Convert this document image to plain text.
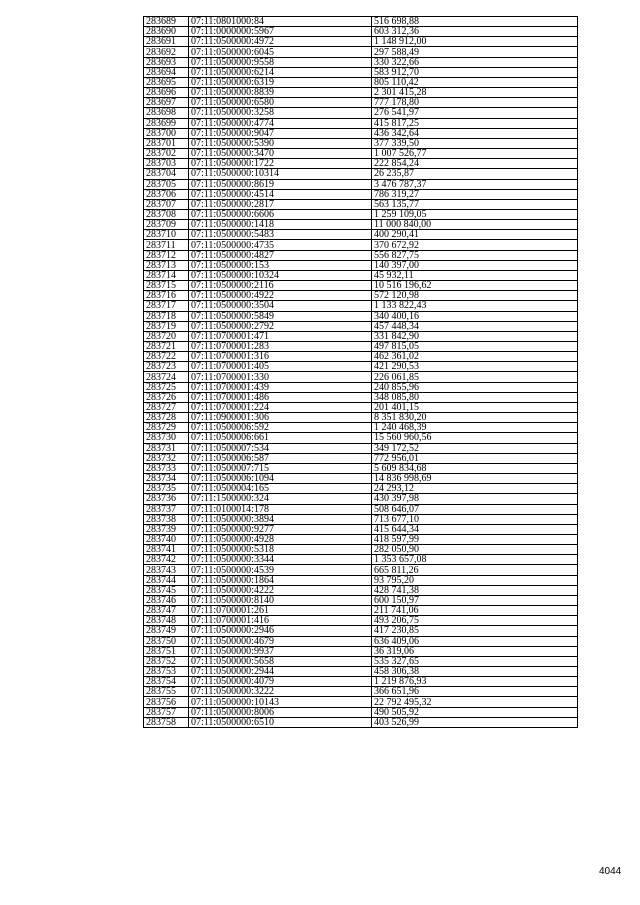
283689	07:11:0801000:84	516 698,88
283690	07:11:0000000:5967	603 312,36
283691	07:11:0500000:4972	1 148 912,00
283692	07:11:0500000:6045	297 588,49
283693	07:11:0500000:9558	330 322,66
283694	07:11:0500000:6214	583 912,70
283695	07:11:0500000:6319	805 110,42
283696	07:11:0500000:8839	2 301 415,28
283697	07:11:0500000:6580	777 178,80
283698	07:11:0500000:3258	276 541,97
283699	07:11:0500000:4774	415 817,25
283700	07:11:0500000:9047	436 342,64
283701	07:11:0500000:5390	377 339,50
283702	07:11:0500000:3470	1 007 526,77
283703	07:11:0500000:1722	222 854,24
283704	07:11:0500000:10314	26 235,87
283705	07:11:0500000:8619	3 476 787,37
283706	07:11:0500000:4514	786 319,27
283707	07:11:0500000:2817	563 135,77
283708	07:11:0500000:6606	1 259 109,05
283709	07:11:0500000:1418	11 000 840,00
283710	07:11:0500000:5483	400 290,41
283711	07:11:0500000:4735	370 672,92
283712	07:11:0500000:4827	556 827,75
283713	07:11:0500000:153	140 397,00
283714	07:11:0500000:10324	45 932,11
283715	07:11:0500000:2116	10 516 196,62
283716	07:11:0500000:4922	572 120,98
283717	07:11:0500000:3504	1 133 822,43
283718	07:11:0500000:5849	340 400,16
283719	07:11:0500000:2792	457 448,34
283720	07:11:0700001:471	331 842,90
283721	07:11:0700001:283	497 815,05
283722	07:11:0700001:316	462 361,02
283723	07:11:0700001:405	421 290,53
283724	07:11:0700001:330	226 061,85
283725	07:11:0700001:439	240 855,96
283726	07:11:0700001:486	348 085,80
283727	07:11:0700001:224	201 401,15
283728	07:11:0900001:306	8 351 830,20
283729	07:11:0500006:592	1 240 468,39
283730	07:11:0500006:661	15 560 960,56
283731	07:11:0500007:534	349 172,52
283732	07:11:0500006:587	772 956,01
283733	07:11:0500007:715	5 609 834,68
283734	07:11:0500006:1094	14 836 998,69
283735	07:11:0500004:165	24 293,12
283736	07:11:1500000:324	430 397,98
283737	07:11:0100014:178	508 646,07
283738	07:11:0500000:3894	713 677,10
283739	07:11:0500000:9277	415 644,34
283740	07:11:0500000:4928	418 597,99
283741	07:11:0500000:5318	282 050,90
283742	07:11:0500000:3344	1 353 657,08
283743	07:11:0500000:4539	665 811,26
283744	07:11:0500000:1864	93 795,20
283745	07:11:0500000:4222	428 741,38
283746	07:11:0500000:8140	600 150,97
283747	07:11:0700001:261	211 741,06
283748	07:11:0700001:416	493 206,75
283749	07:11:0500000:2946	417 230,85
283750	07:11:0500000:4679	636 409,06
283751	07:11:0500000:9937	36 319,06
283752	07:11:0500000:5658	535 327,65
283753	07:11:0500000:2944	458 306,38
283754	07:11:0500000:4079	1 219 876,93
283755	07:11:0500000:3222	366 651,96
283756	07:11:0500000:10143	22 792 495,32
283757	07:11:0500000:8006	490 505,92
283758	07:11:0500000:6510	403 526,99
4044
